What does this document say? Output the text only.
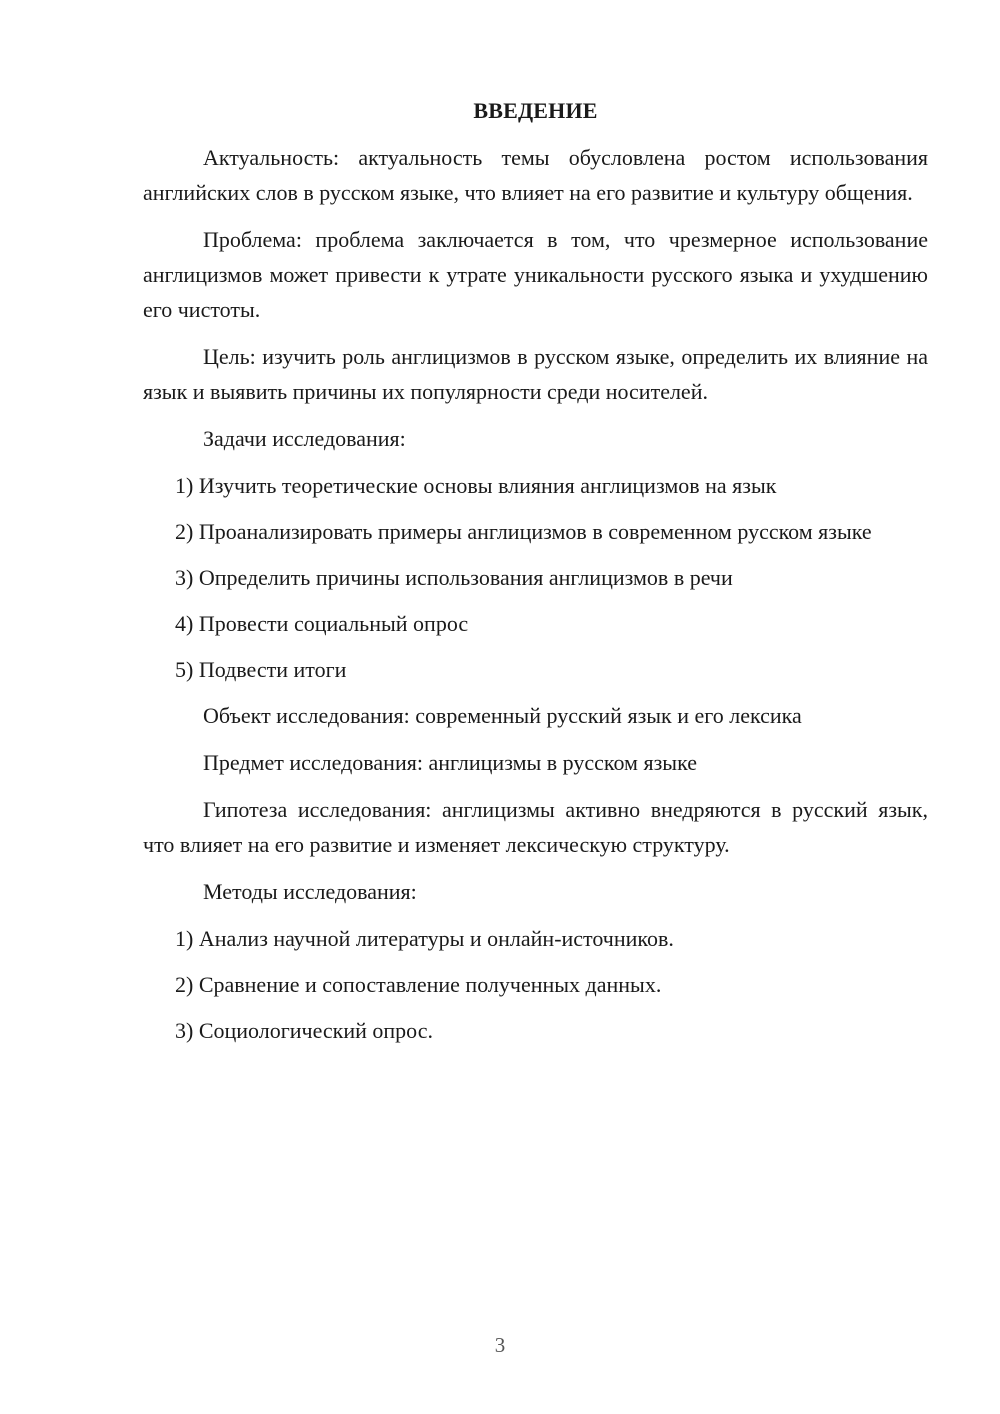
ВВЕДЕНИЕ

Актуальность: актуальность темы обусловлена ростом использования английских слов в русском языке, что влияет на его развитие и культуру общения.

Проблема: проблема заключается в том, что чрезмерное использование англицизмов может привести к утрате уникальности русского языка и ухудшению его чистоты.

Цель: изучить роль англицизмов в русском языке, определить их влияние на язык и выявить причины их популярности среди носителей.

Задачи исследования:

1) Изучить теоретические основы влияния англицизмов на язык

2) Проанализировать примеры англицизмов в современном русском языке

3) Определить причины использования англицизмов в речи

4) Провести социальный опрос

5) Подвести итоги

Объект исследования: современный русский язык и его лексика

Предмет исследования: англицизмы в русском языке

Гипотеза исследования: англицизмы активно внедряются в русский язык, что влияет на его развитие и изменяет лексическую структуру.

Методы исследования:

1) Анализ научной литературы и онлайн-источников.

2) Сравнение и сопоставление полученных данных.

3) Социологический опрос.

3
